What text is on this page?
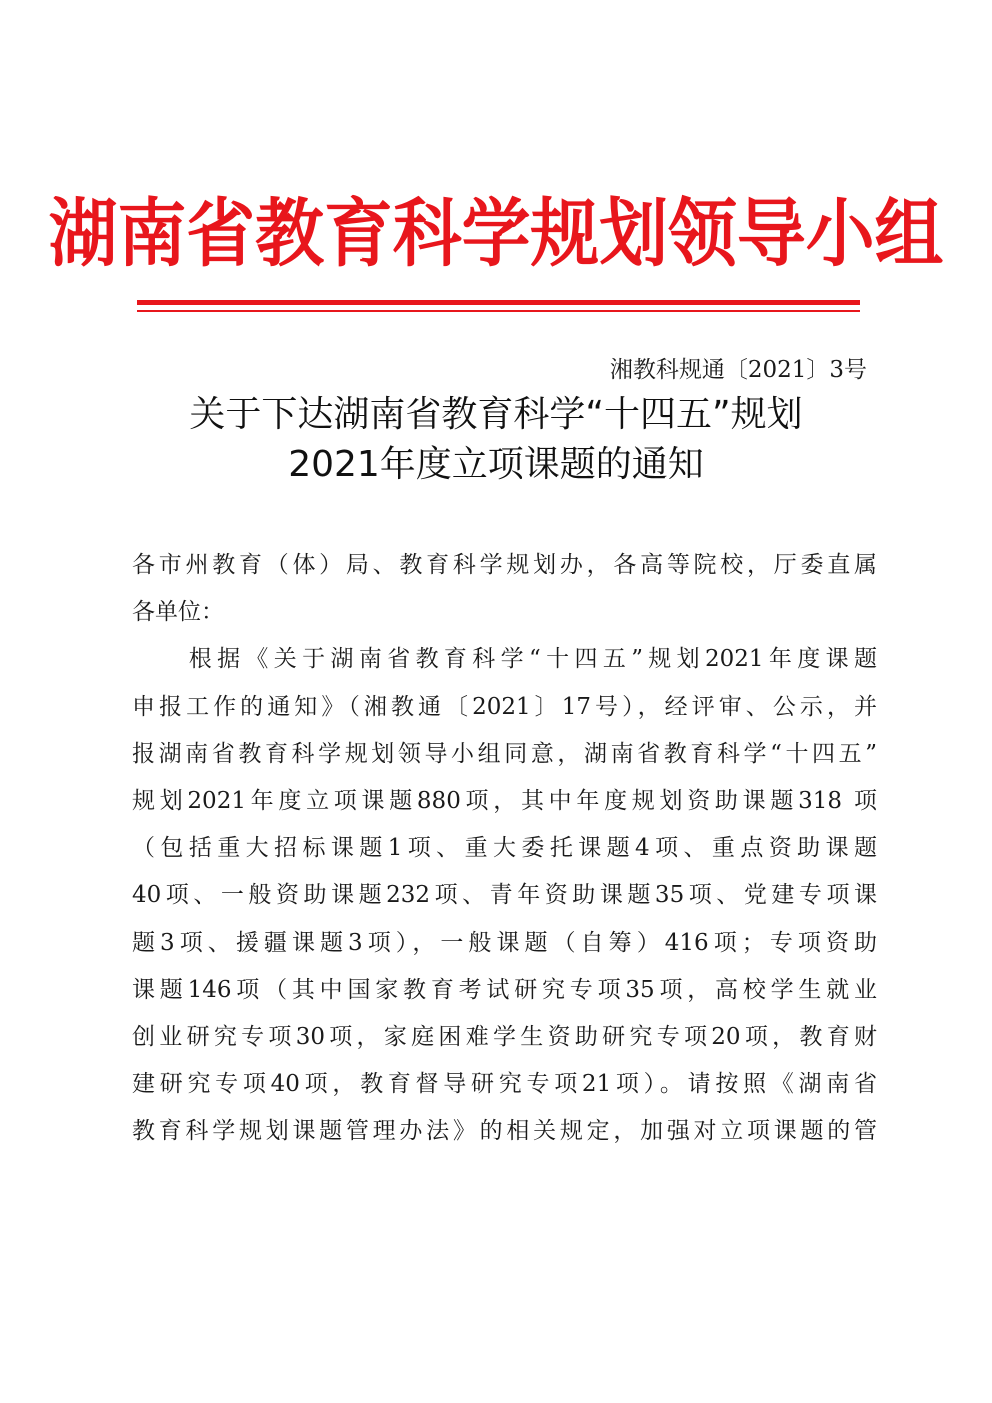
湖南省教育科学规划领导小组
湘教科规通〔2021〕3号
关于下达湖南省教育科学“十四五”规划
2021年度立项课题的通知
各市州教育（体）局、教育科学规划办，各高等院校，厅委直属
各单位：
　　根据《关于湖南省教育科学“十四五”规划2021年度课题
申报工作的通知》（湘教通〔2021〕17号），经评审、公示，并
报湖南省教育科学规划领导小组同意，湖南省教育科学“十四五”
规划2021年度立项课题880项，其中年度规划资助课题318 项
（包括重大招标课题1项、重大委托课题4项、重点资助课题
40项、一般资助课题232项、青年资助课题35项、党建专项课
题3项、援疆课题3项），一般课题（自筹）416项；专项资助
课题146项（其中国家教育考试研究专项35项，高校学生就业
创业研究专项30项，家庭困难学生资助研究专项20项，教育财
建研究专项40项，教育督导研究专项21项）。请按照《湖南省
教育科学规划课题管理办法》的相关规定，加强对立项课题的管
